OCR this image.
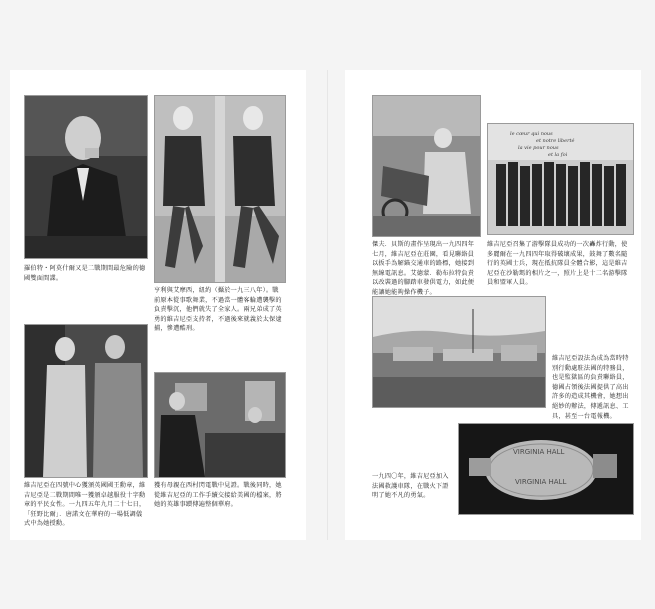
le cœur qui nous
et notre liberté
la vie pour nous
et la foi
VIRGINIA HALL
VIRGINIA HALL
羅伯特・阿莫什爾又是二戰期間最危險的德國雙面間諜。
亨利與艾摩西，紐約（攝於一九三八年）。戰前原本從事歌舞業，不過當一體客輪遭襲擊的負責擊沉，他們就失了全家人。兩兄弟成了英勇的維吉尼亞支持者，不過後來就義於太保逮捕，慘遭酷刑。
維吉尼亞在四號中心獲頒英國國王勳章，維吉尼亞是二戰期間唯一獲頒卓越服役十字勳章的平民女性。一九四五年九月二十七日，「狂野比爾」．唐諾文在華府的一場低調儀式中為她授勳。
獲有母親在西村閃電戰中見證。戰後同時，她從維吉尼亞的工作手續交接給美國的檔案，將她的英雄事蹟傳遍整個華府。
傑夫．貝斯的畫作呈現出一九四四年七月，維吉尼亞在莊園，看見聯絡員以扳手為解錨交通車的路標，她接到無線電訊息。艾德蒙．勒布拉特負責以改裝過的腳踏車發供電力，如此便能讓她能夠操作機子。
維吉尼亞召集了游擊隊員成功的一次轟炸行動，使多麗爾在一九四四年取得破壞成果，鼓舞了數名隨行的英國士兵，現在抵抗隊員全體合影，這是維吉尼亞在沙勒瑪的相片之一，照片上是十二名游擊隊員和盟軍人員。
維吉尼亞設法為成為當時特別行動處駐法國的特務員，也是監獄區的負責聯絡員，德國占領後法國提供了高出許多的造成其機會，她想出絕妙的辦法，傳遞訊息、工具，甚至一台電報機。
一九四〇年，維吉尼亞加入法國救護車隊，在戰火下證明了她不凡的勇氣。
